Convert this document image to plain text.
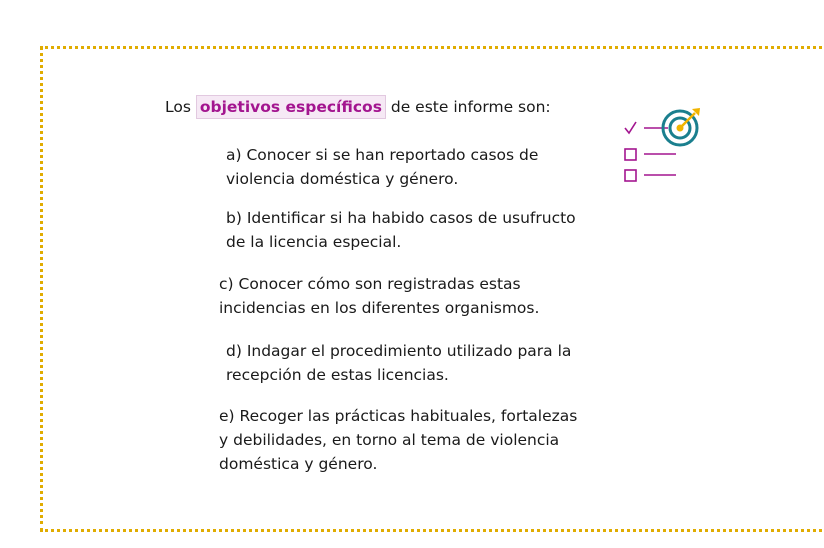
Los objetivos específicos de este informe son:
a) Conocer si se han reportado casos de
violencia doméstica y género.
b) Identificar si ha habido casos de usufructo
de la licencia especial.
c) Conocer cómo son registradas estas
incidencias en los diferentes organismos.
d) Indagar el procedimiento utilizado para la
recepción de estas licencias.
e) Recoger las prácticas habituales, fortalezas
y debilidades, en torno al tema de violencia
doméstica y género.
